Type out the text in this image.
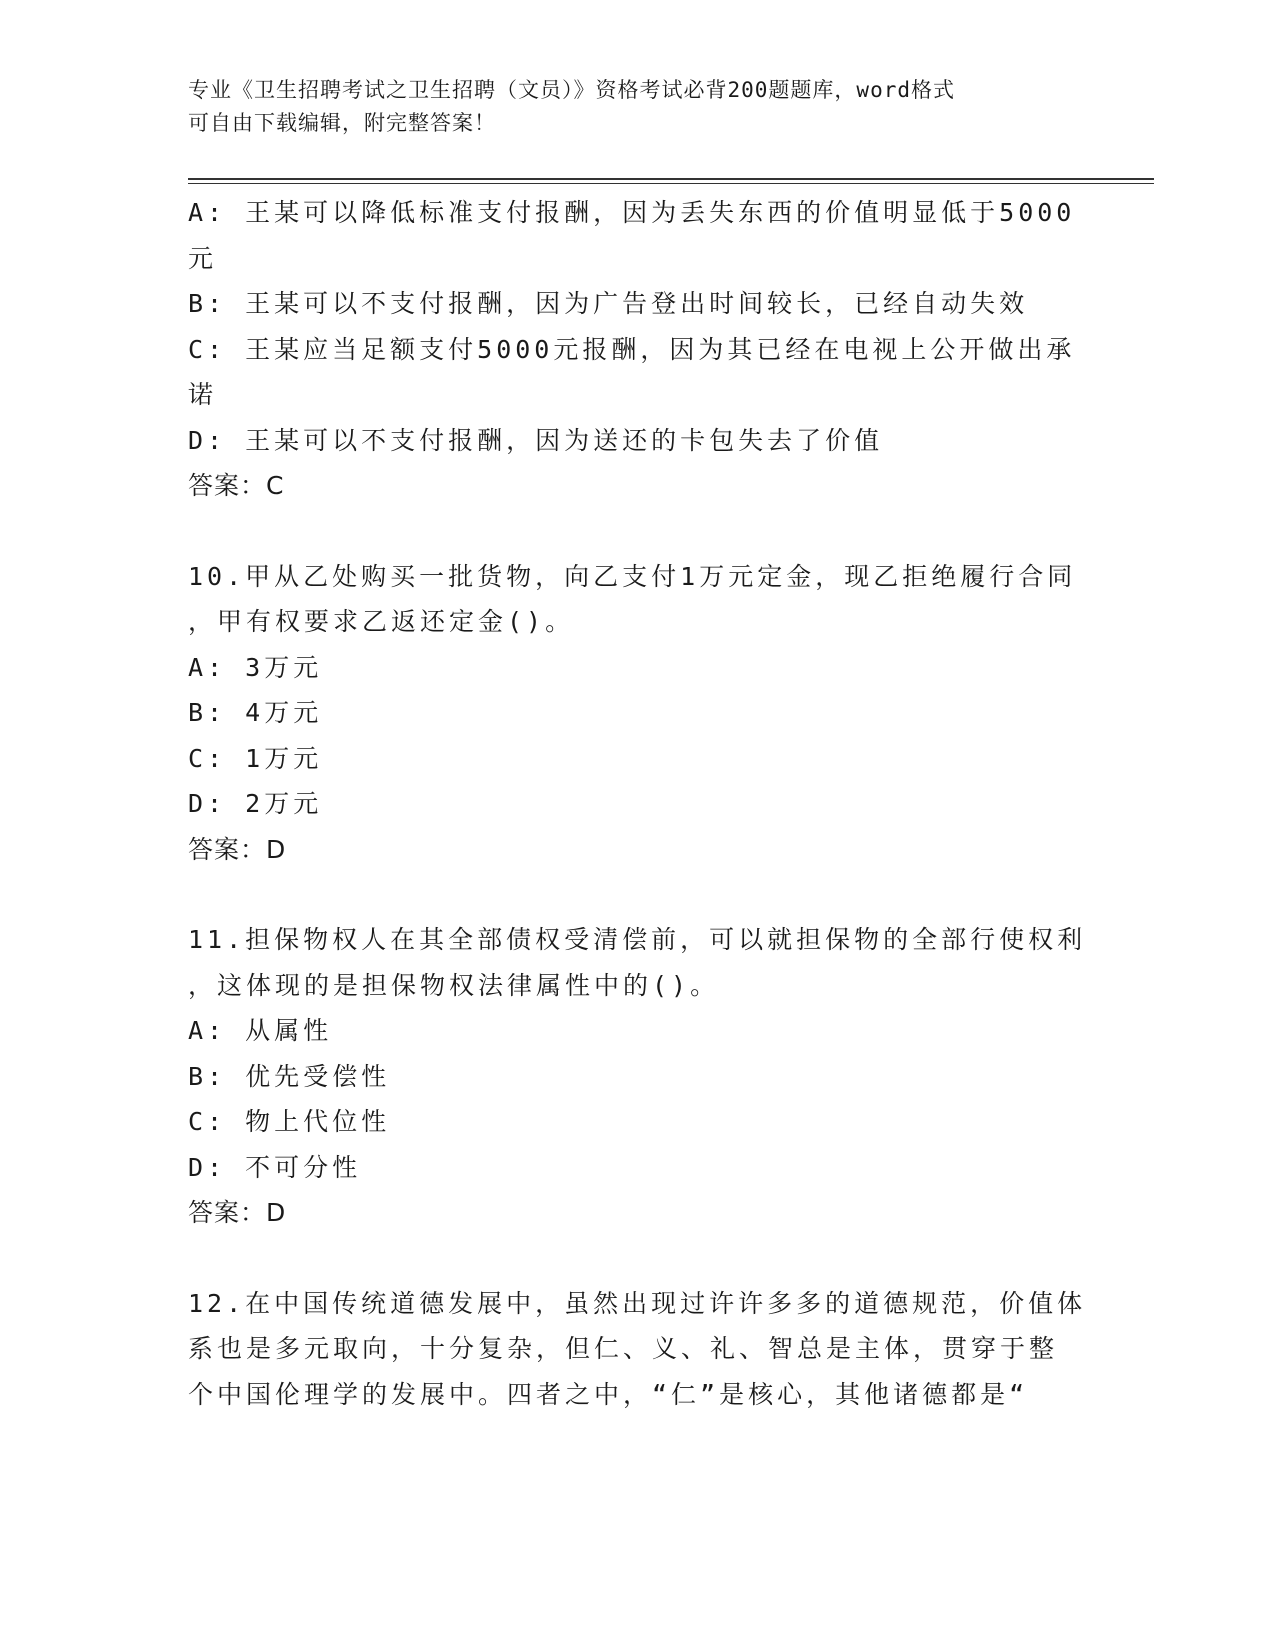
专业《卫生招聘考试之卫生招聘（文员）》资格考试必背200题题库，word格式
可自由下载编辑，附完整答案！

A: 王某可以降低标准支付报酬，因为丢失东西的价值明显低于5000

元

B: 王某可以不支付报酬，因为广告登出时间较长，已经自动失效

C: 王某应当足额支付5000元报酬，因为其已经在电视上公开做出承

诺

D: 王某可以不支付报酬，因为送还的卡包失去了价值

答案：C

10.甲从乙处购买一批货物，向乙支付1万元定金，现乙拒绝履行合同

，甲有权要求乙返还定金()。

A: 3万元

B: 4万元

C: 1万元

D: 2万元

答案：D

11.担保物权人在其全部债权受清偿前，可以就担保物的全部行使权利

，这体现的是担保物权法律属性中的()。

A: 从属性

B: 优先受偿性

C: 物上代位性

D: 不可分性

答案：D

12.在中国传统道德发展中，虽然出现过许许多多的道德规范，价值体

系也是多元取向，十分复杂，但仁、义、礼、智总是主体，贯穿于整

个中国伦理学的发展中。四者之中，“仁”是核心，其他诸德都是“
